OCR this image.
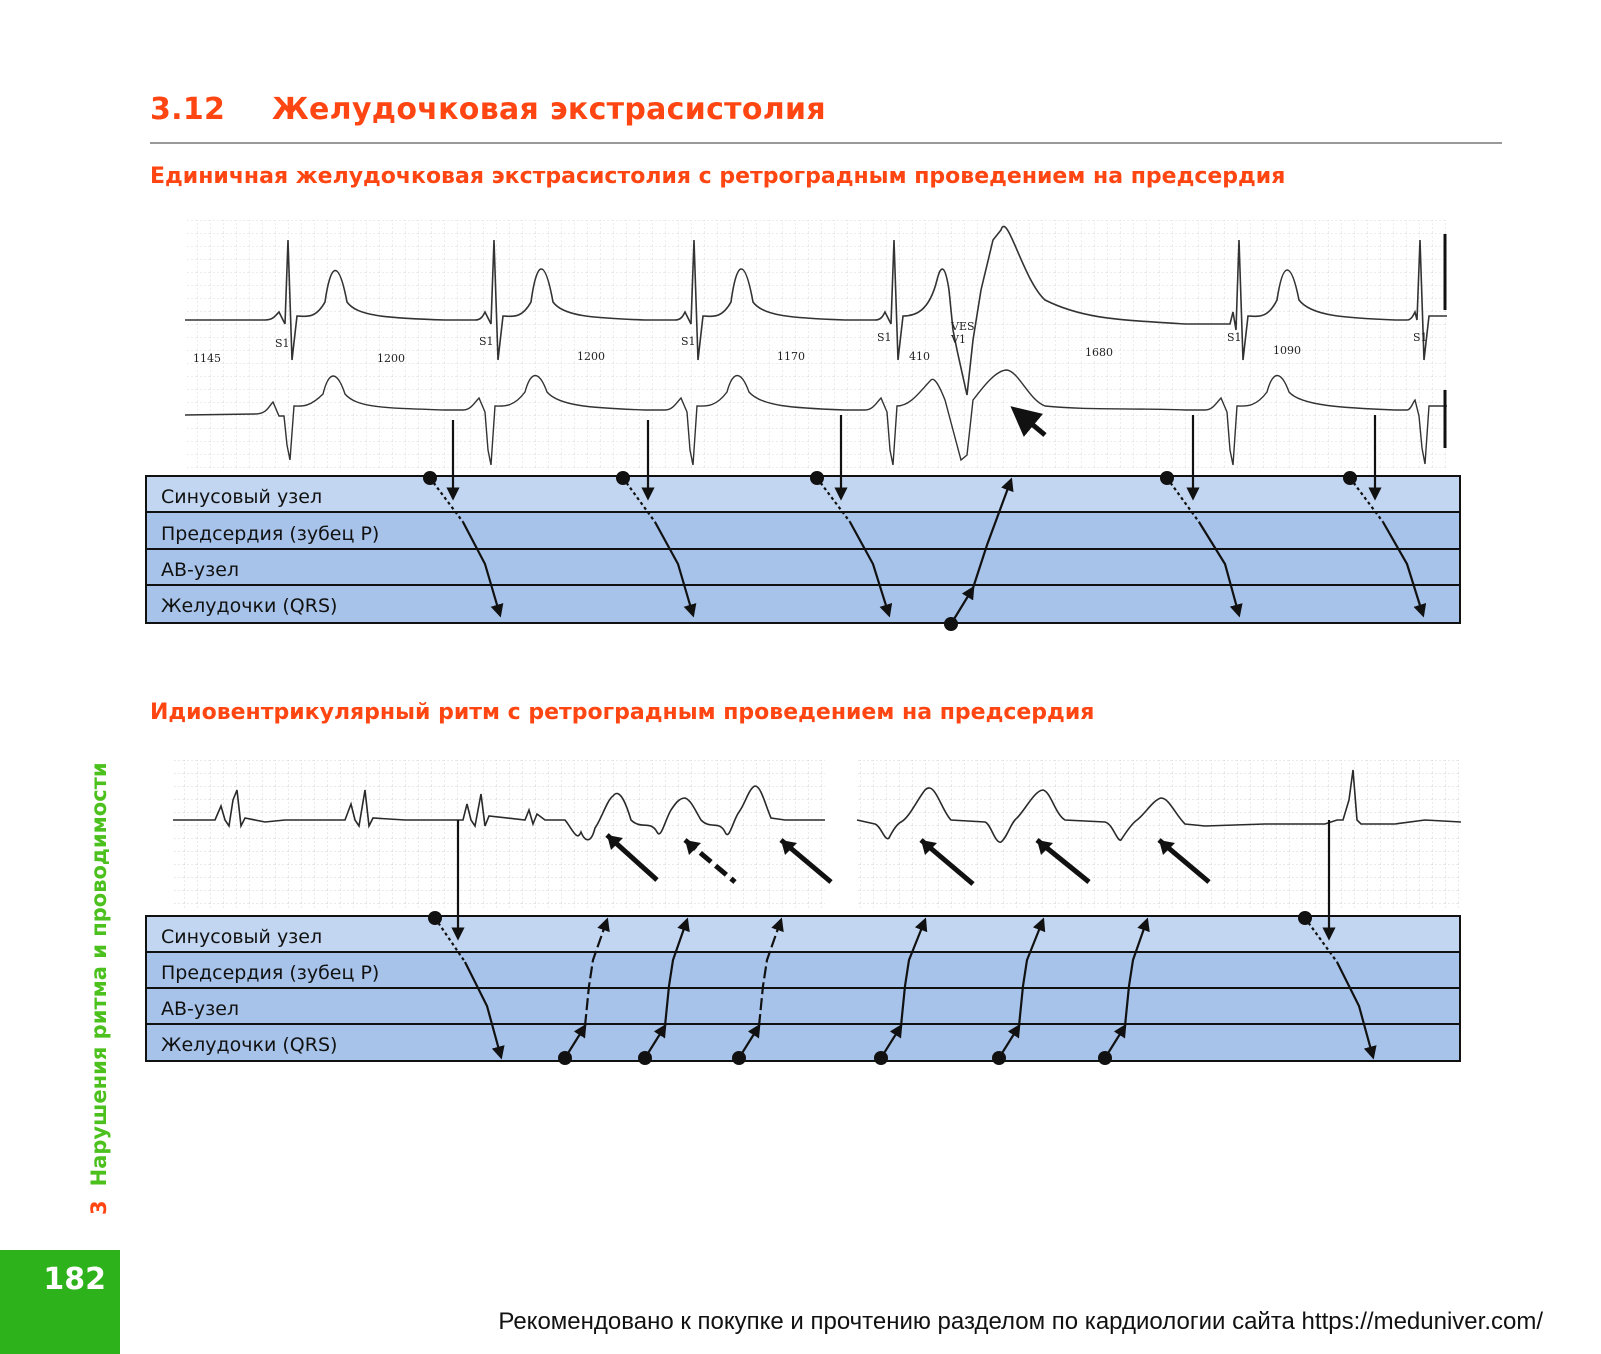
3.12 Желудочковая экстрасистолия
Единичная желудочковая экстрасистолия с ретроградным проведением на предсердия
1145	1200	1200	1170	410	1680	1090
VES
V1
S1	S1	S1	S1	S1	S1
Синусовый узел
Предсердия (зубец P)
АВ-узел
Желудочки (QRS)
Идиовентрикулярный ритм с ретроградным проведением на предсердия
Синусовый узел
Предсердия (зубец P)
АВ-узел
Желудочки (QRS)
3Нарушения ритма и проводимости
182
Рекомендовано к покупке и прочтению разделом по кардиологии сайта https://meduniver.com/
